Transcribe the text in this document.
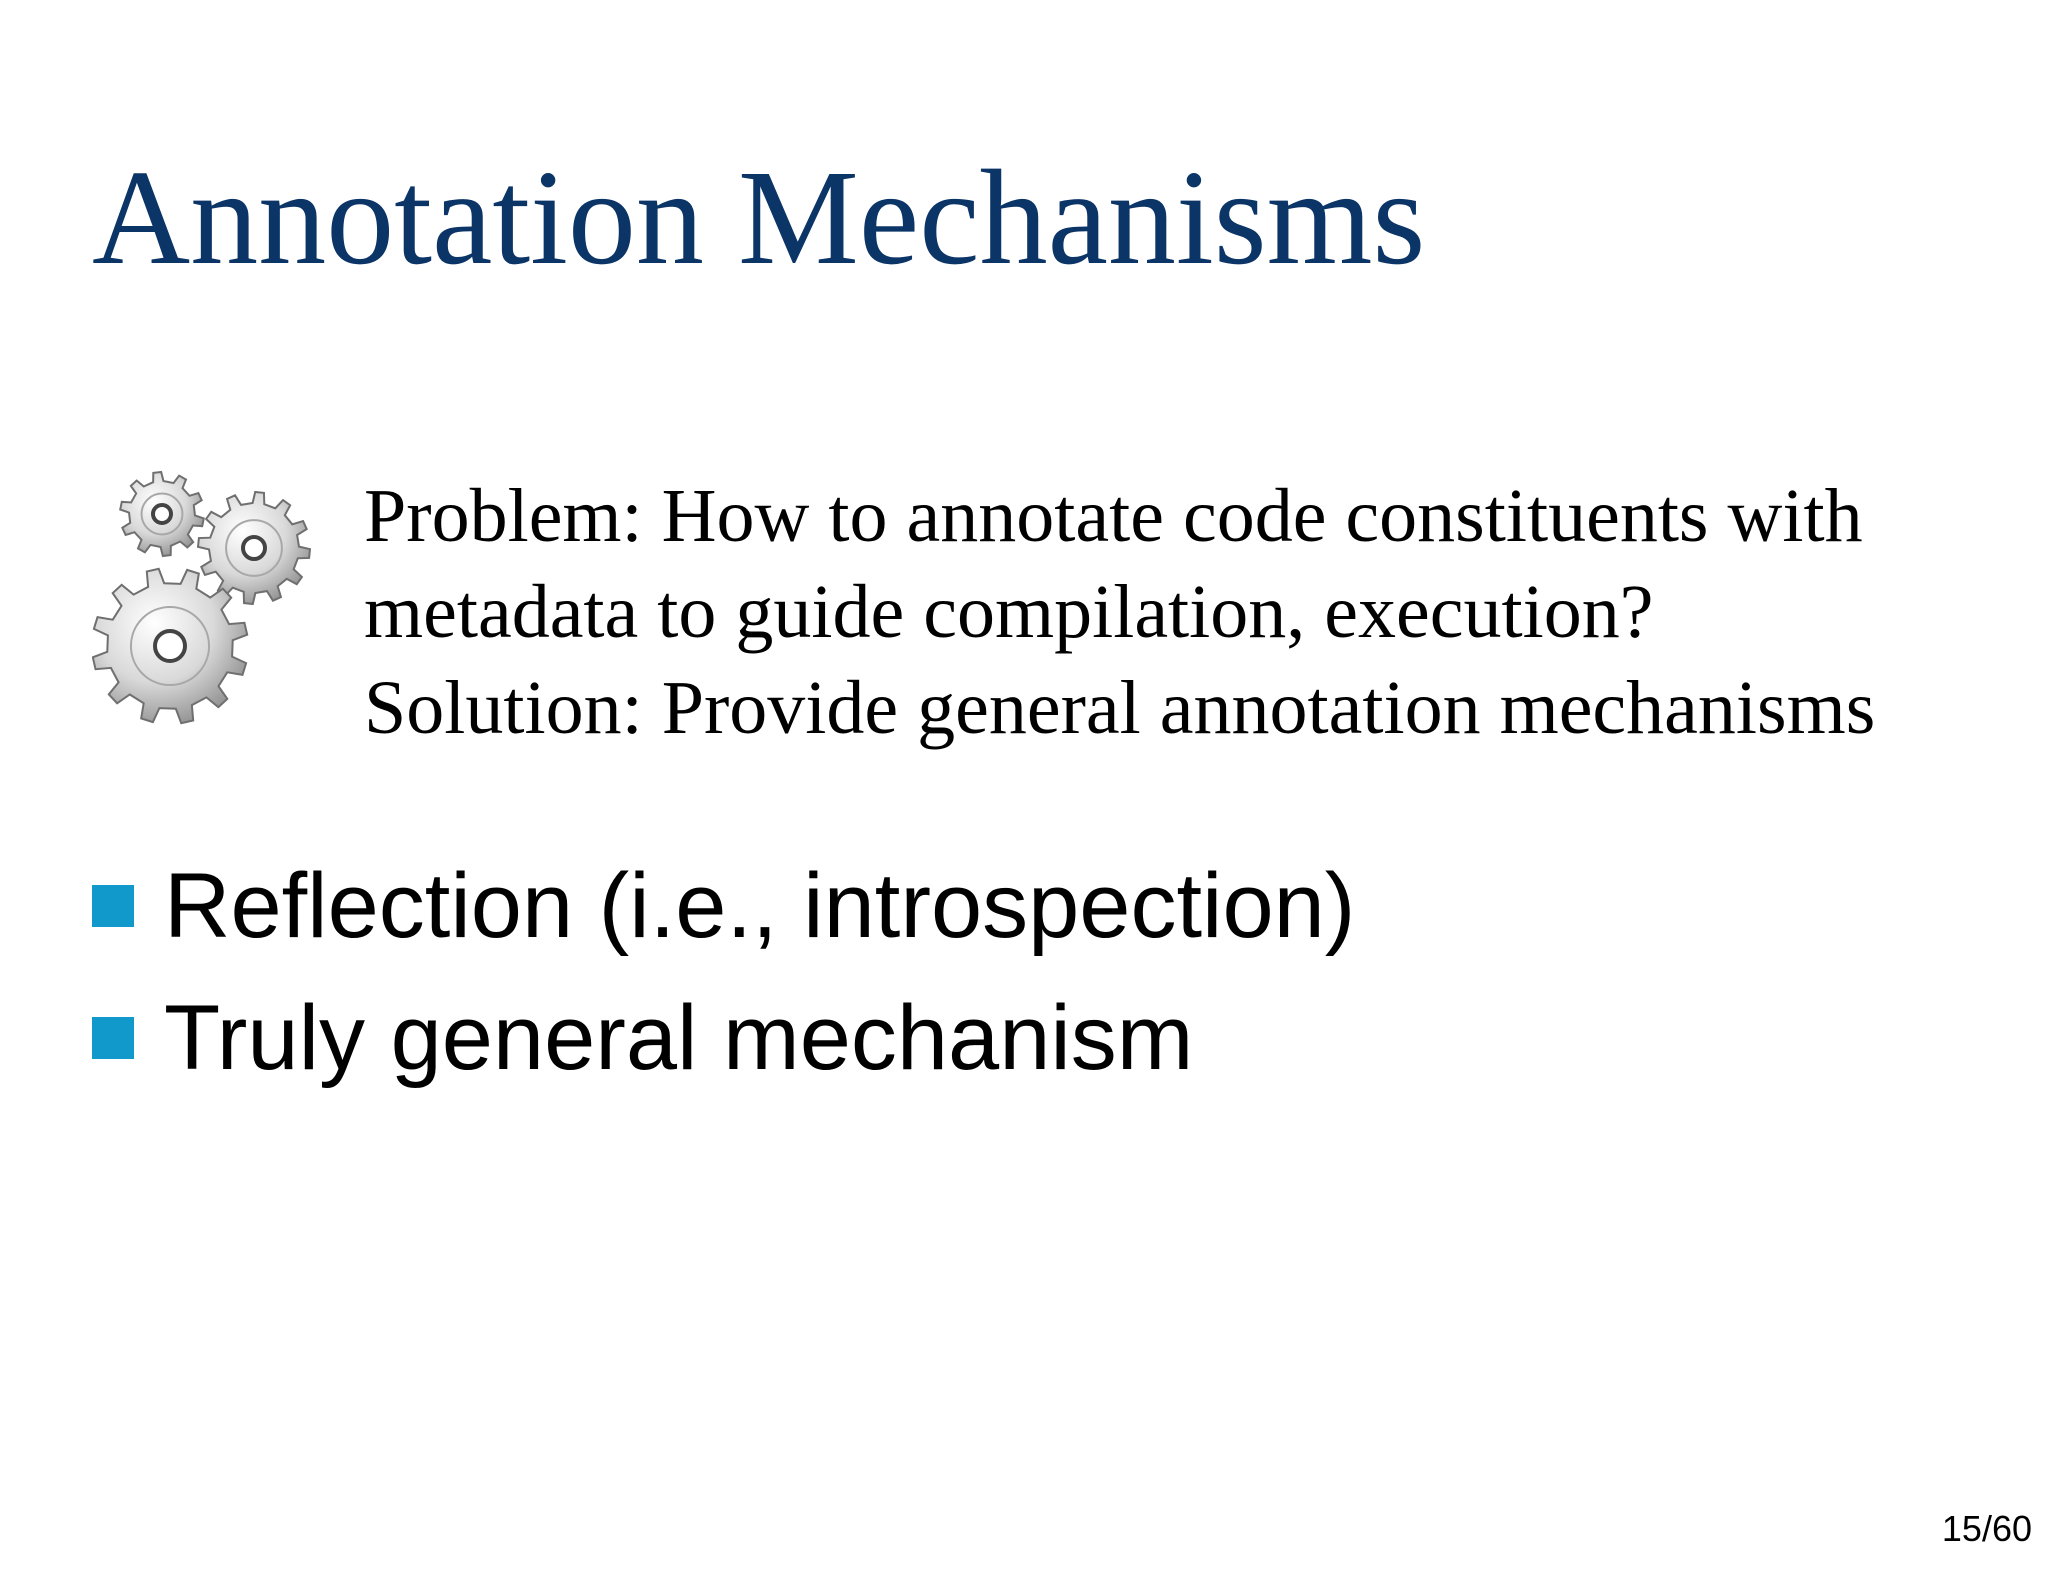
Annotation Mechanisms
Problem: How to annotate code constituents with
metadata to guide compilation, execution?
Solution: Provide general annotation mechanisms
Reflection (i.e., introspection)
Truly general mechanism
15/60
